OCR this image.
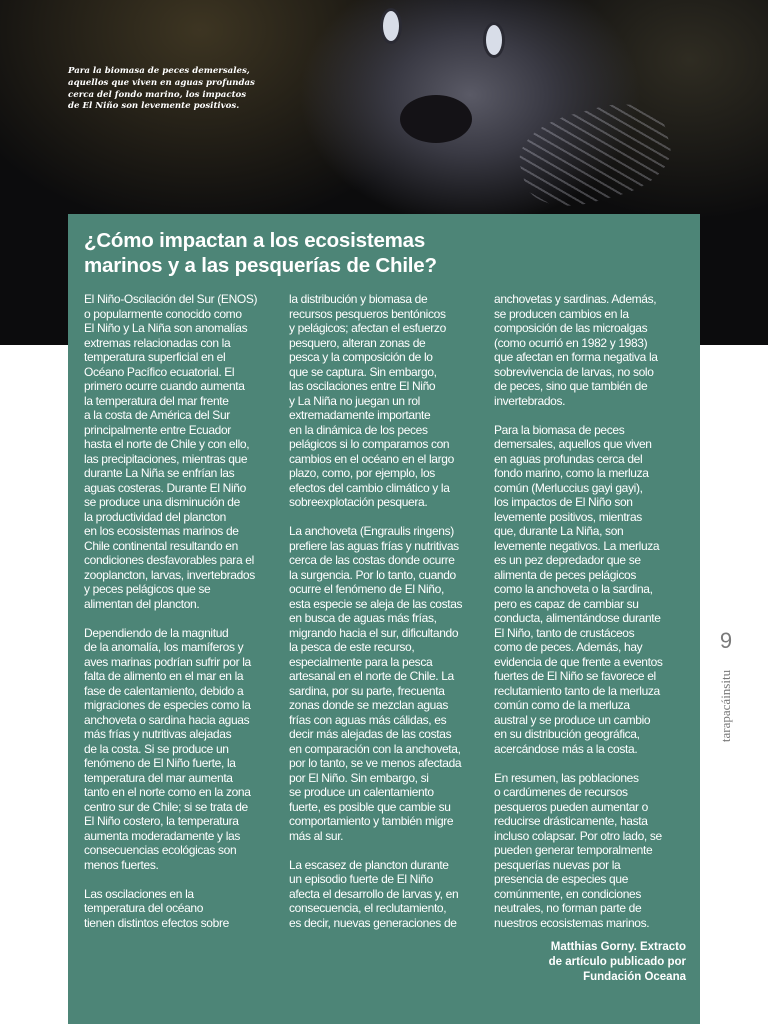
Para la biomasa de peces demersales,
aquellos que viven en aguas profundas
cerca del fondo marino, los impactos
de El Niño son levemente positivos.
¿Cómo impactan a los ecosistemas
marinos y a las pesquerías de Chile?

El Niño-Oscilación del Sur (ENOS)
o popularmente conocido como
El Niño y La Niña son anomalías
extremas relacionadas con la
temperatura superficial en el
Océano Pacífico ecuatorial. El
primero ocurre cuando aumenta
la temperatura del mar frente
a la costa de América del Sur
principalmente entre Ecuador
hasta el norte de Chile y con ello,
las precipitaciones, mientras que
durante La Niña se enfrían las
aguas costeras. Durante El Niño
se produce una disminución de
la productividad del plancton
en los ecosistemas marinos de
Chile continental resultando en
condiciones desfavorables para el
zooplancton, larvas, invertebrados
y peces pelágicos que se
alimentan del plancton.

Dependiendo de la magnitud
de la anomalía, los mamíferos y
aves marinas podrían sufrir por la
falta de alimento en el mar en la
fase de calentamiento, debido a
migraciones de especies como la
anchoveta o sardina hacia aguas
más frías y nutritivas alejadas
de la costa. Si se produce un
fenómeno de El Niño fuerte, la
temperatura del mar aumenta
tanto en el norte como en la zona
centro sur de Chile; si se trata de
El Niño costero, la temperatura
aumenta moderadamente y las
consecuencias ecológicas son
menos fuertes.

Las oscilaciones en la
temperatura del océano
tienen distintos efectos sobre

la distribución y biomasa de
recursos pesqueros bentónicos
y pelágicos; afectan el esfuerzo
pesquero, alteran zonas de
pesca y la composición de lo
que se captura. Sin embargo,
las oscilaciones entre El Niño
y La Niña no juegan un rol
extremadamente importante
en la dinámica de los peces
pelágicos si lo comparamos con
cambios en el océano en el largo
plazo, como, por ejemplo, los
efectos del cambio climático y la
sobreexplotación pesquera.

La anchoveta (Engraulis ringens)
prefiere las aguas frías y nutritivas
cerca de las costas donde ocurre
la surgencia. Por lo tanto, cuando
ocurre el fenómeno de El Niño,
esta especie se aleja de las costas
en busca de aguas más frías,
migrando hacia el sur, dificultando
la pesca de este recurso,
especialmente para la pesca
artesanal en el norte de Chile. La
sardina, por su parte, frecuenta
zonas donde se mezclan aguas
frías con aguas más cálidas, es
decir más alejadas de las costas
en comparación con la anchoveta,
por lo tanto, se ve menos afectada
por El Niño. Sin embargo, si
se produce un calentamiento
fuerte, es posible que cambie su
comportamiento y también migre
más al sur.

La escasez de plancton durante
un episodio fuerte de El Niño
afecta el desarrollo de larvas y, en
consecuencia, el reclutamiento,
es decir, nuevas generaciones de

anchovetas y sardinas. Además,
se producen cambios en la
composición de las microalgas
(como ocurrió en 1982 y 1983)
que afectan en forma negativa la
sobrevivencia de larvas, no solo
de peces, sino que también de
invertebrados.

Para la biomasa de peces
demersales, aquellos que viven
en aguas profundas cerca del
fondo marino, como la merluza
común (Merluccius gayi gayi),
los impactos de El Niño son
levemente positivos, mientras
que, durante La Niña, son
levemente negativos. La merluza
es un pez depredador que se
alimenta de peces pelágicos
como la anchoveta o la sardina,
pero es capaz de cambiar su
conducta, alimentándose durante
El Niño, tanto de crustáceos
como de peces. Además, hay
evidencia de que frente a eventos
fuertes de El Niño se favorece el
reclutamiento tanto de la merluza
común como de la merluza
austral y se produce un cambio
en su distribución geográfica,
acercándose más a la costa.

En resumen, las poblaciones
o cardúmenes de recursos
pesqueros pueden aumentar o
reducirse drásticamente, hasta
incluso colapsar. Por otro lado, se
pueden generar temporalmente
pesquerías nuevas por la
presencia de especies que
comúnmente, en condiciones
neutrales, no forman parte de
nuestros ecosistemas marinos.

Matthias Gorny. Extracto
de artículo publicado por
Fundación Oceana
9
tarapacáinsitu
